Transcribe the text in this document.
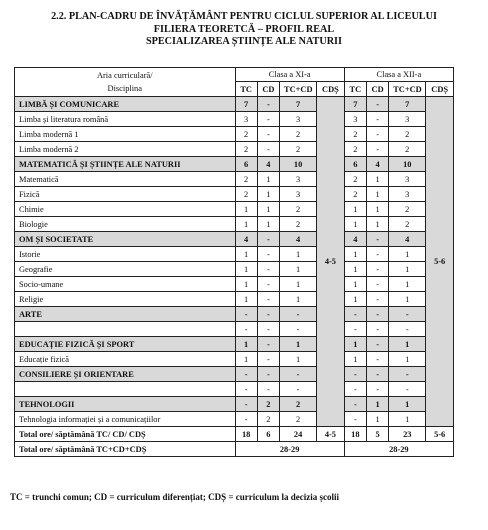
2.2. PLAN-CADRU DE ÎNVĂȚĂMÂNT PENTRU CICLUL SUPERIOR AL LICEULUI
FILIERA TEORETCĂ – PROFIL REAL
SPECIALIZAREA ȘTIINȚE ALE NATURII
Aria curriculară/
Disciplina	Clasa a XI-a				Clasa a XII-a			
	TC	CD	TC+CD	CDȘ	TC	CD	TC+CD	CDȘ
LIMBĂ ȘI COMUNICARE	7	-	7	4-5	7	-	7	5-6
Limba și literatura română	3	-	3		3	-	3	
Limba modernă 1	2	-	2		2	-	2	
Limba modernă 2	2	-	2		2	-	2	
MATEMATICĂ ȘI ȘTIINȚE ALE NATURII	6	4	10		6	4	10	
Matematică	2	1	3		2	1	3	
Fizică	2	1	3		2	1	3	
Chimie	1	1	2		1	1	2	
Biologie	1	1	2		1	1	2	
OM ȘI SOCIETATE	4	-	4		4	-	4	
Istorie	1	-	1		1	-	1	
Geografie	1	-	1		1	-	1	
Socio-umane	1	-	1		1	-	1	
Religie	1	-	1		1	-	1	
ARTE	-	-	-		-	-	-	
	-	-	-		-	-	-	
EDUCAȚIE FIZICĂ ȘI SPORT	1	-	1		1	-	1	
Educație fizică	1	-	1		1	-	1	
CONSILIERE ȘI ORIENTARE	-	-	-		-	-	-	
	-	-	-		-	-	-	
TEHNOLOGII	-	2	2		-	1	1	
Tehnologia informației și a comunicațiilor	-	2	2		-	1	1	
Total ore/ săptămână TC/ CD/ CDȘ	18	6	24	4-5	18	5	23	5-6
Total ore/ săptămână TC+CD+CDȘ	28-29				28-29			
TC = trunchi comun; CD = curriculum diferențiat; CDȘ = curriculum la decizia școlii
